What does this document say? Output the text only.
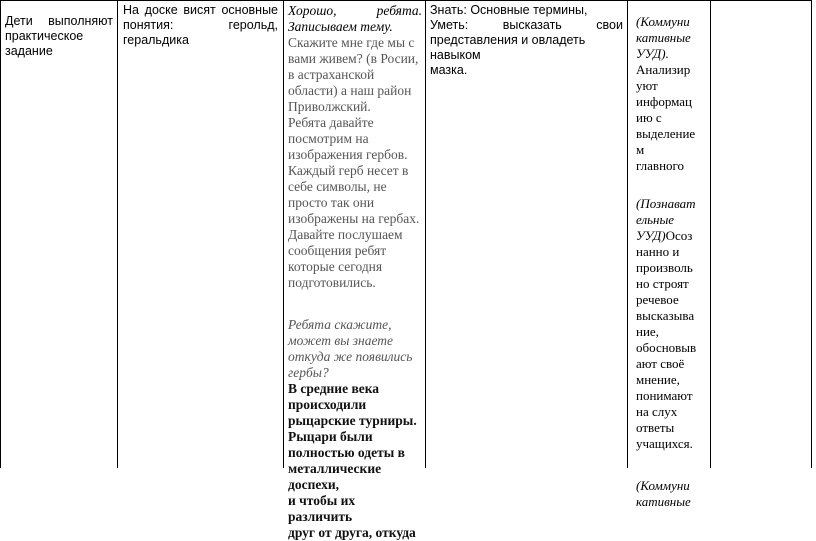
Дети выполняют

практическое

задание

На доске висят основные

понятия: герольд,

геральдика

Хорошо, ребята.

Записываем тему.

Скажите мне где мы с

вами живем? (в Росии,

в астраханской

области) а наш район

Приволжский.

Ребята давайте

посмотрим на

изображения гербов.

Каждый герб несет в

себе символы, не

просто так они

изображены на гербах.

Давайте послушаем

сообщения ребят

которые сегодня

подготовились.

Ребята скажите,

может вы знаете

откуда же появились

гербы?

В средние века

происходили

рыцарские турниры.

Рыцари были

полностью одеты в

металлические доспехи,

и чтобы их различить

друг от друга, откуда

Знать: Основные термины,

Уметь: высказать свои

представления и овладеть навыком

мазка.

(Коммуни

кативные

УУД).

Анализир

уют

информац

ию с

выделение

м

главного

(Познават

ельные

УУД)Осоз

нанно и

произволь

но строят

речевое

высказыва

ние,

обосновыв

ают своё

мнение,

понимают

на слух

ответы

учащихся.

(Коммуни

кативные
